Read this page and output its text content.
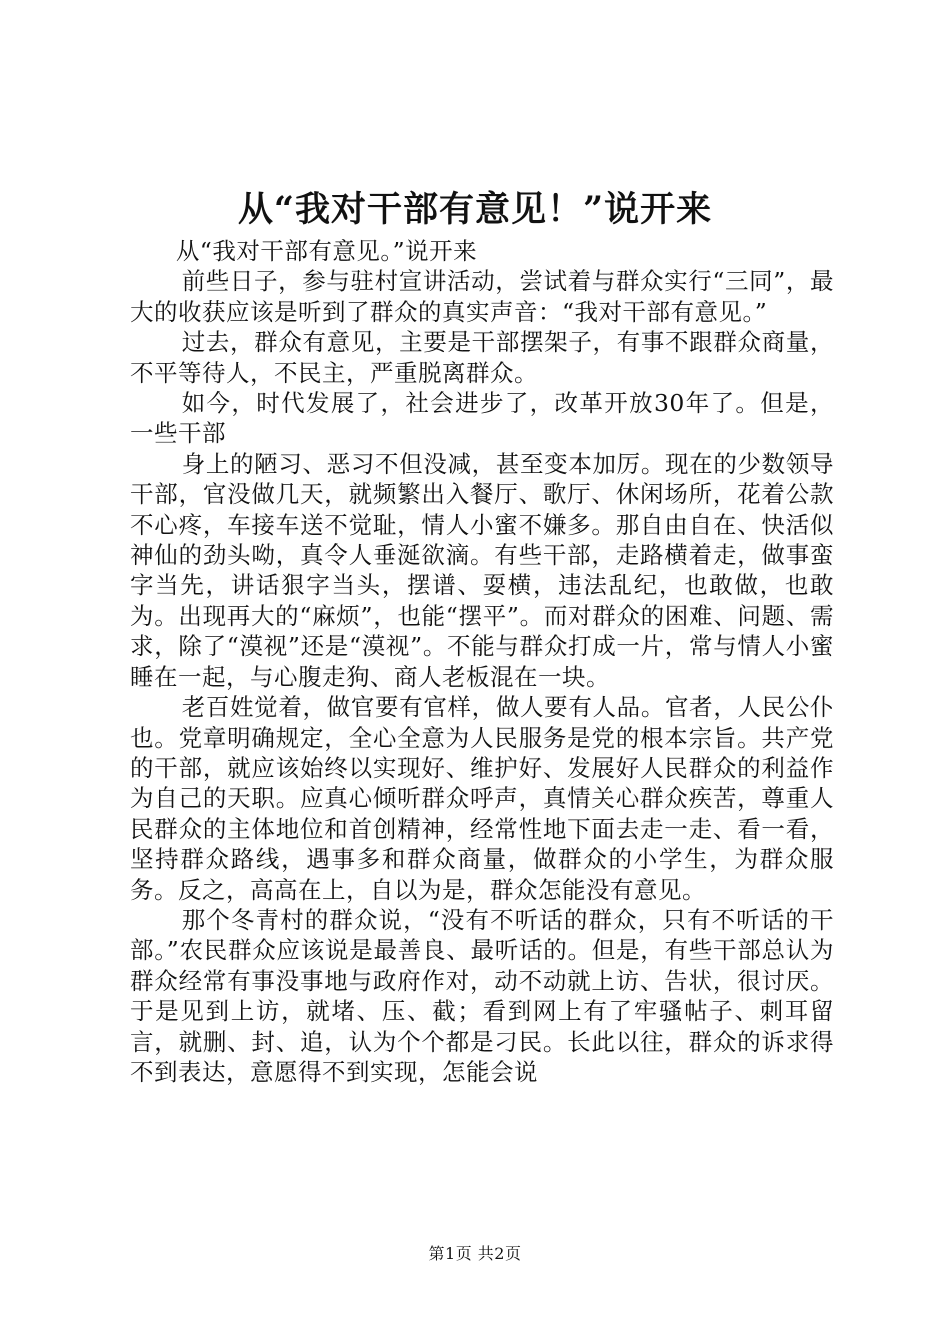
从“我对干部有意见！”说开来

从“我对干部有意见。”说开来

前些日子，参与驻村宣讲活动，尝试着与群众实行“三同”，最大的收获应该是听到了群众的真实声音：“我对干部有意见。”

过去，群众有意见，主要是干部摆架子，有事不跟群众商量，不平等待人，不民主，严重脱离群众。

如今，时代发展了，社会进步了，改革开放30年了。但是，一些干部

身上的陋习、恶习不但没减，甚至变本加厉。现在的少数领导干部，官没做几天，就频繁出入餐厅、歌厅、休闲场所，花着公款不心疼，车接车送不觉耻，情人小蜜不嫌多。那自由自在、快活似神仙的劲头呦，真令人垂涎欲滴。有些干部，走路横着走，做事蛮字当先，讲话狠字当头，摆谱、耍横，违法乱纪，也敢做，也敢为。出现再大的“麻烦”，也能“摆平”。而对群众的困难、问题、需求，除了“漠视”还是“漠视”。不能与群众打成一片，常与情人小蜜睡在一起，与心腹走狗、商人老板混在一块。

老百姓觉着，做官要有官样，做人要有人品。官者，人民公仆也。党章明确规定，全心全意为人民服务是党的根本宗旨。共产党的干部，就应该始终以实现好、维护好、发展好人民群众的利益作为自己的天职。应真心倾听群众呼声，真情关心群众疾苦，尊重人民群众的主体地位和首创精神，经常性地下面去走一走、看一看，坚持群众路线，遇事多和群众商量，做群众的小学生，为群众服务。反之，高高在上，自以为是，群众怎能没有意见。

那个冬青村的群众说，“没有不听话的群众，只有不听话的干部。”农民群众应该说是最善良、最听话的。但是，有些干部总认为群众经常有事没事地与政府作对，动不动就上访、告状，很讨厌。于是见到上访，就堵、压、截；看到网上有了牢骚帖子、刺耳留言，就删、封、追，认为个个都是刁民。长此以往，群众的诉求得不到表达，意愿得不到实现，怎能会说

第1页 共2页
